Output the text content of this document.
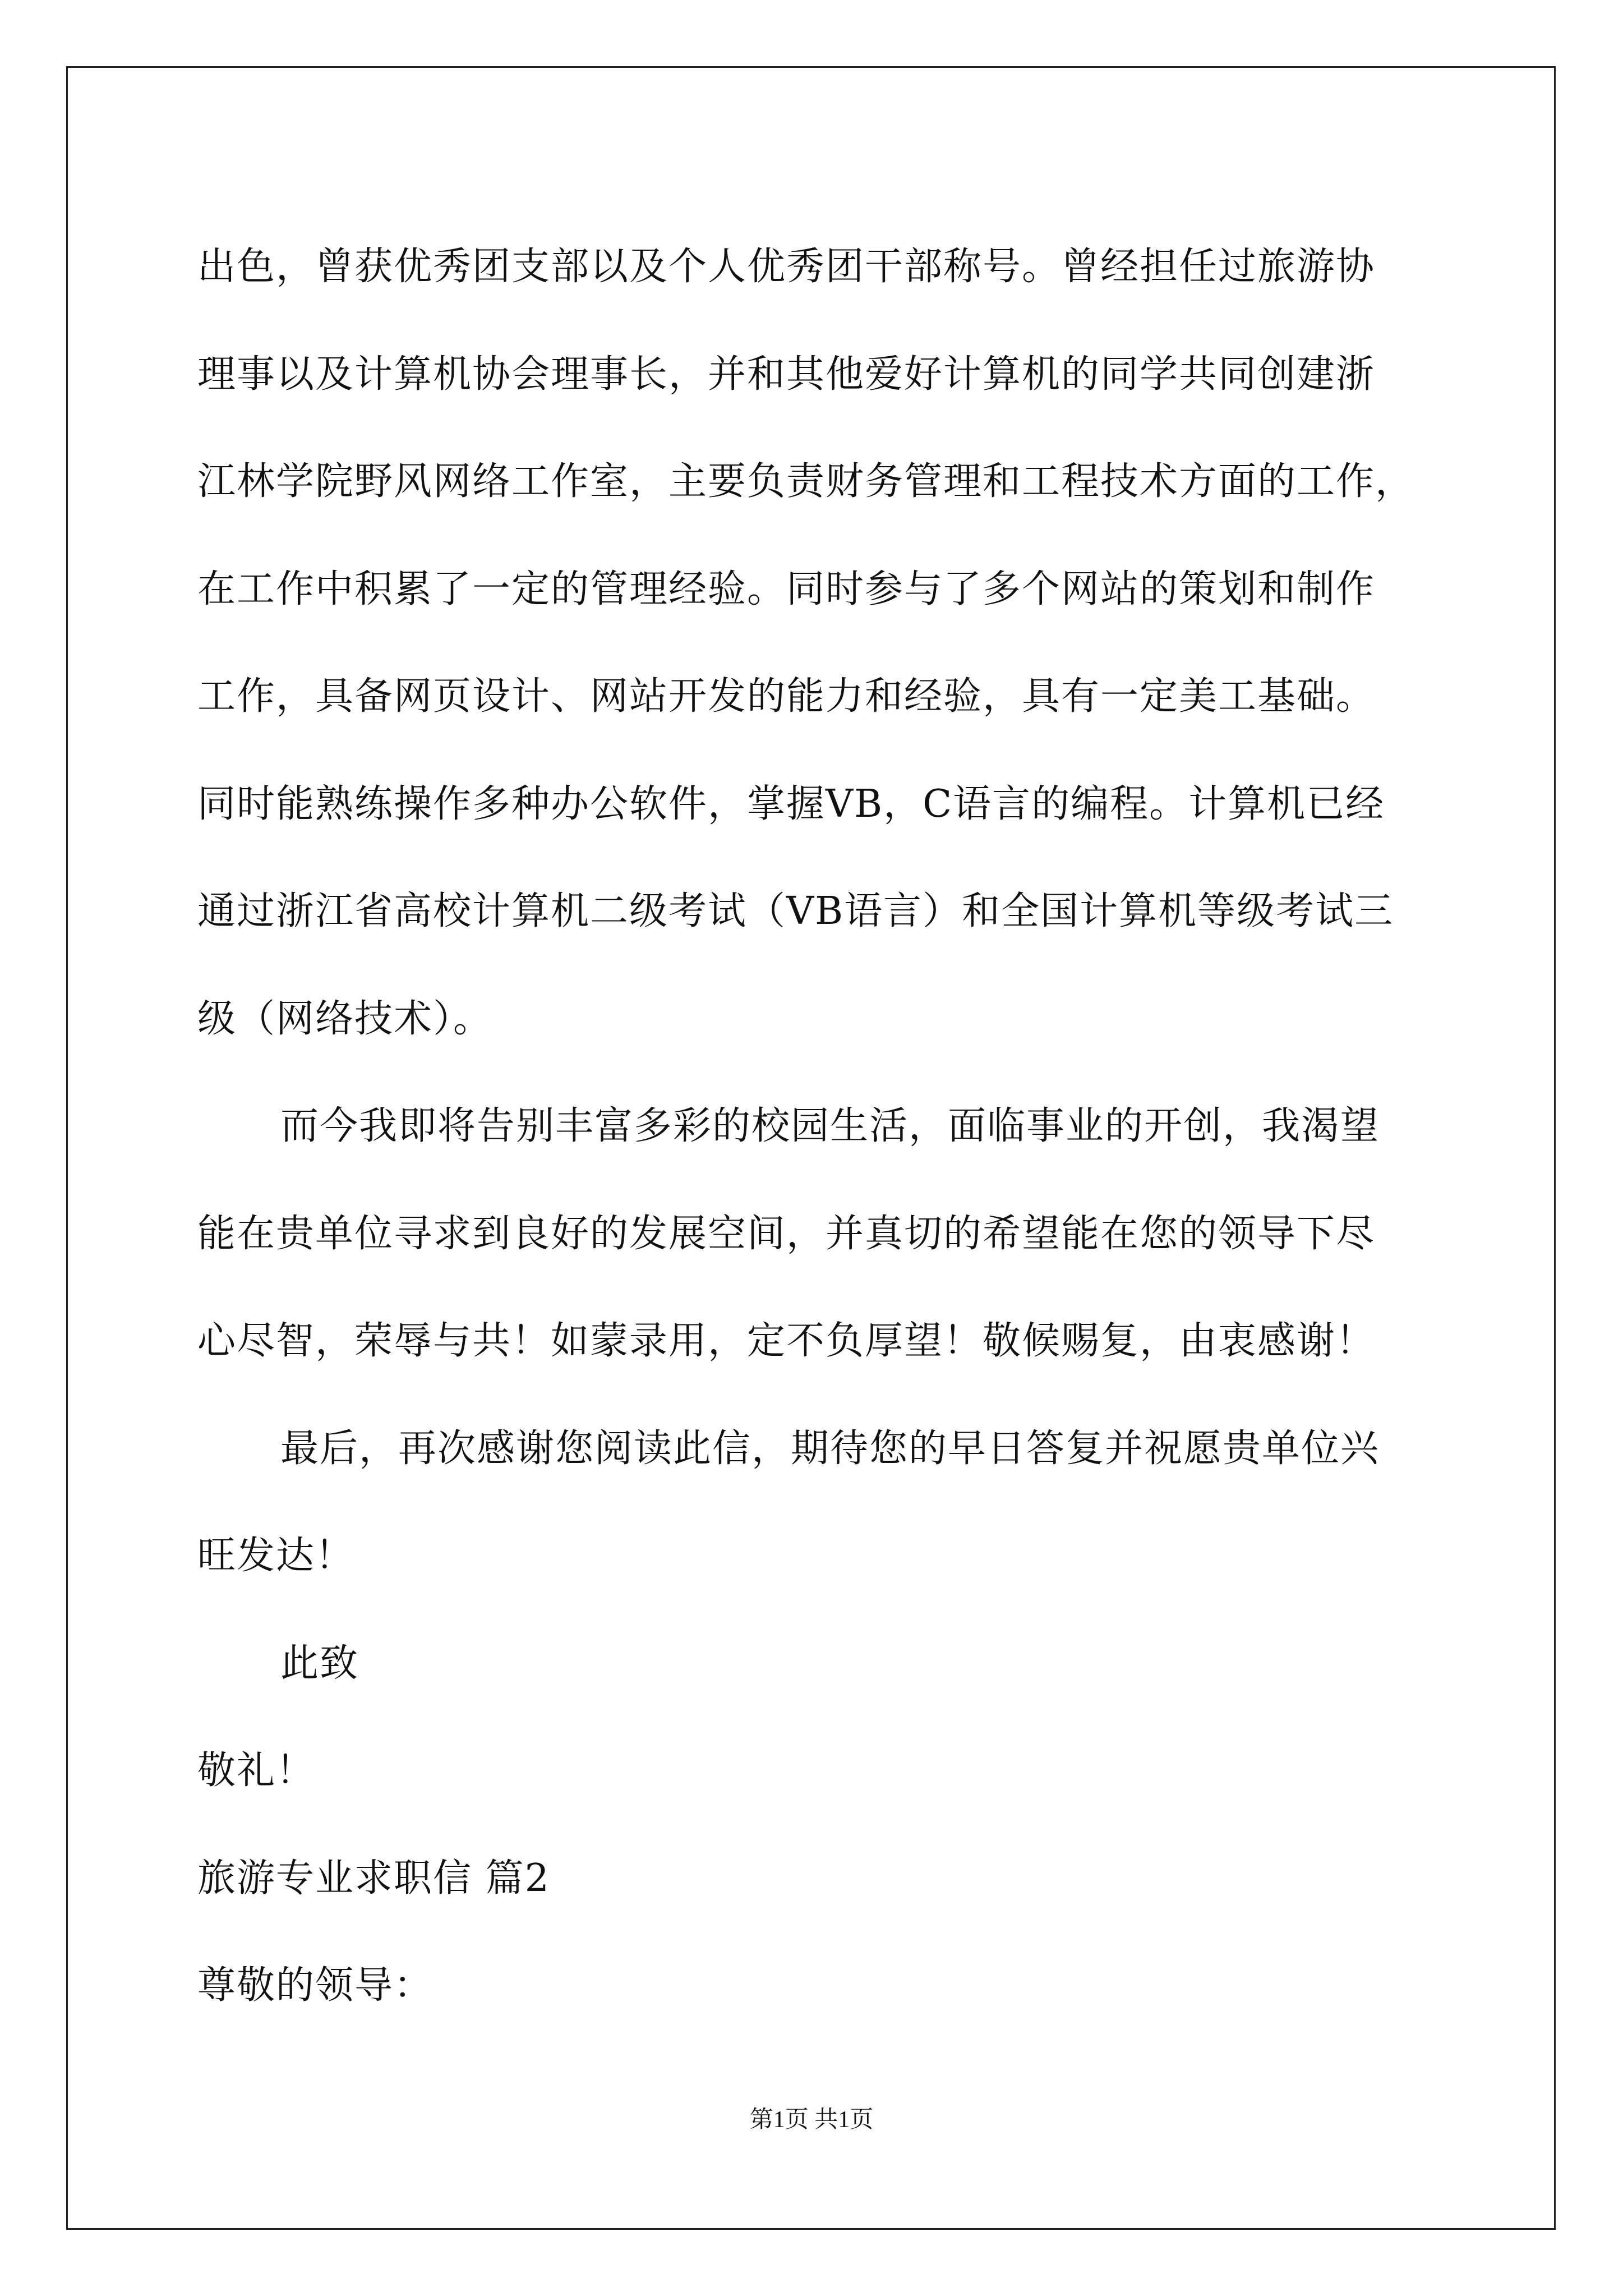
出色，曾获优秀团支部以及个人优秀团干部称号。曾经担任过旅游协
理事以及计算机协会理事长，并和其他爱好计算机的同学共同创建浙
江林学院野风网络工作室，主要负责财务管理和工程技术方面的工作，
在工作中积累了一定的管理经验。同时参与了多个网站的策划和制作
工作，具备网页设计、网站开发的能力和经验，具有一定美工基础。
同时能熟练操作多种办公软件，掌握VB，C语言的编程。计算机已经
通过浙江省高校计算机二级考试（VB语言）和全国计算机等级考试三
级（网络技术）。
而今我即将告别丰富多彩的校园生活，面临事业的开创，我渴望
能在贵单位寻求到良好的发展空间，并真切的希望能在您的领导下尽
心尽智，荣辱与共！如蒙录用，定不负厚望！敬候赐复，由衷感谢！
最后，再次感谢您阅读此信，期待您的早日答复并祝愿贵单位兴
旺发达！
此致
敬礼！
旅游专业求职信 篇2
尊敬的领导：
第1页 共1页
